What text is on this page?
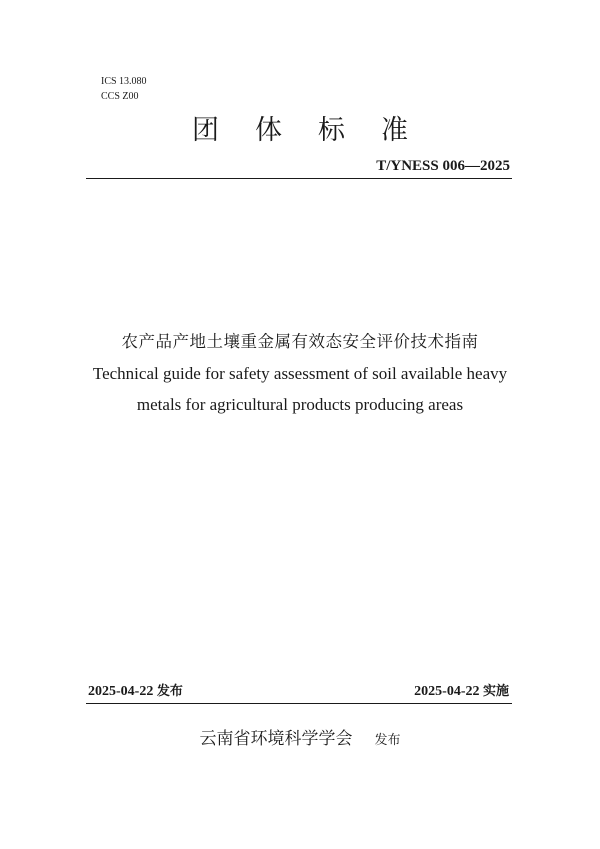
ICS 13.080
CCS Z00
团体标准
T/YNESS 006—2025
农产品产地土壤重金属有效态安全评价技术指南
Technical guide for safety assessment of soil available heavy
metals for agricultural products producing areas
2025-04-22 发布	2025-04-22 实施
云南省环境科学学会 发布
